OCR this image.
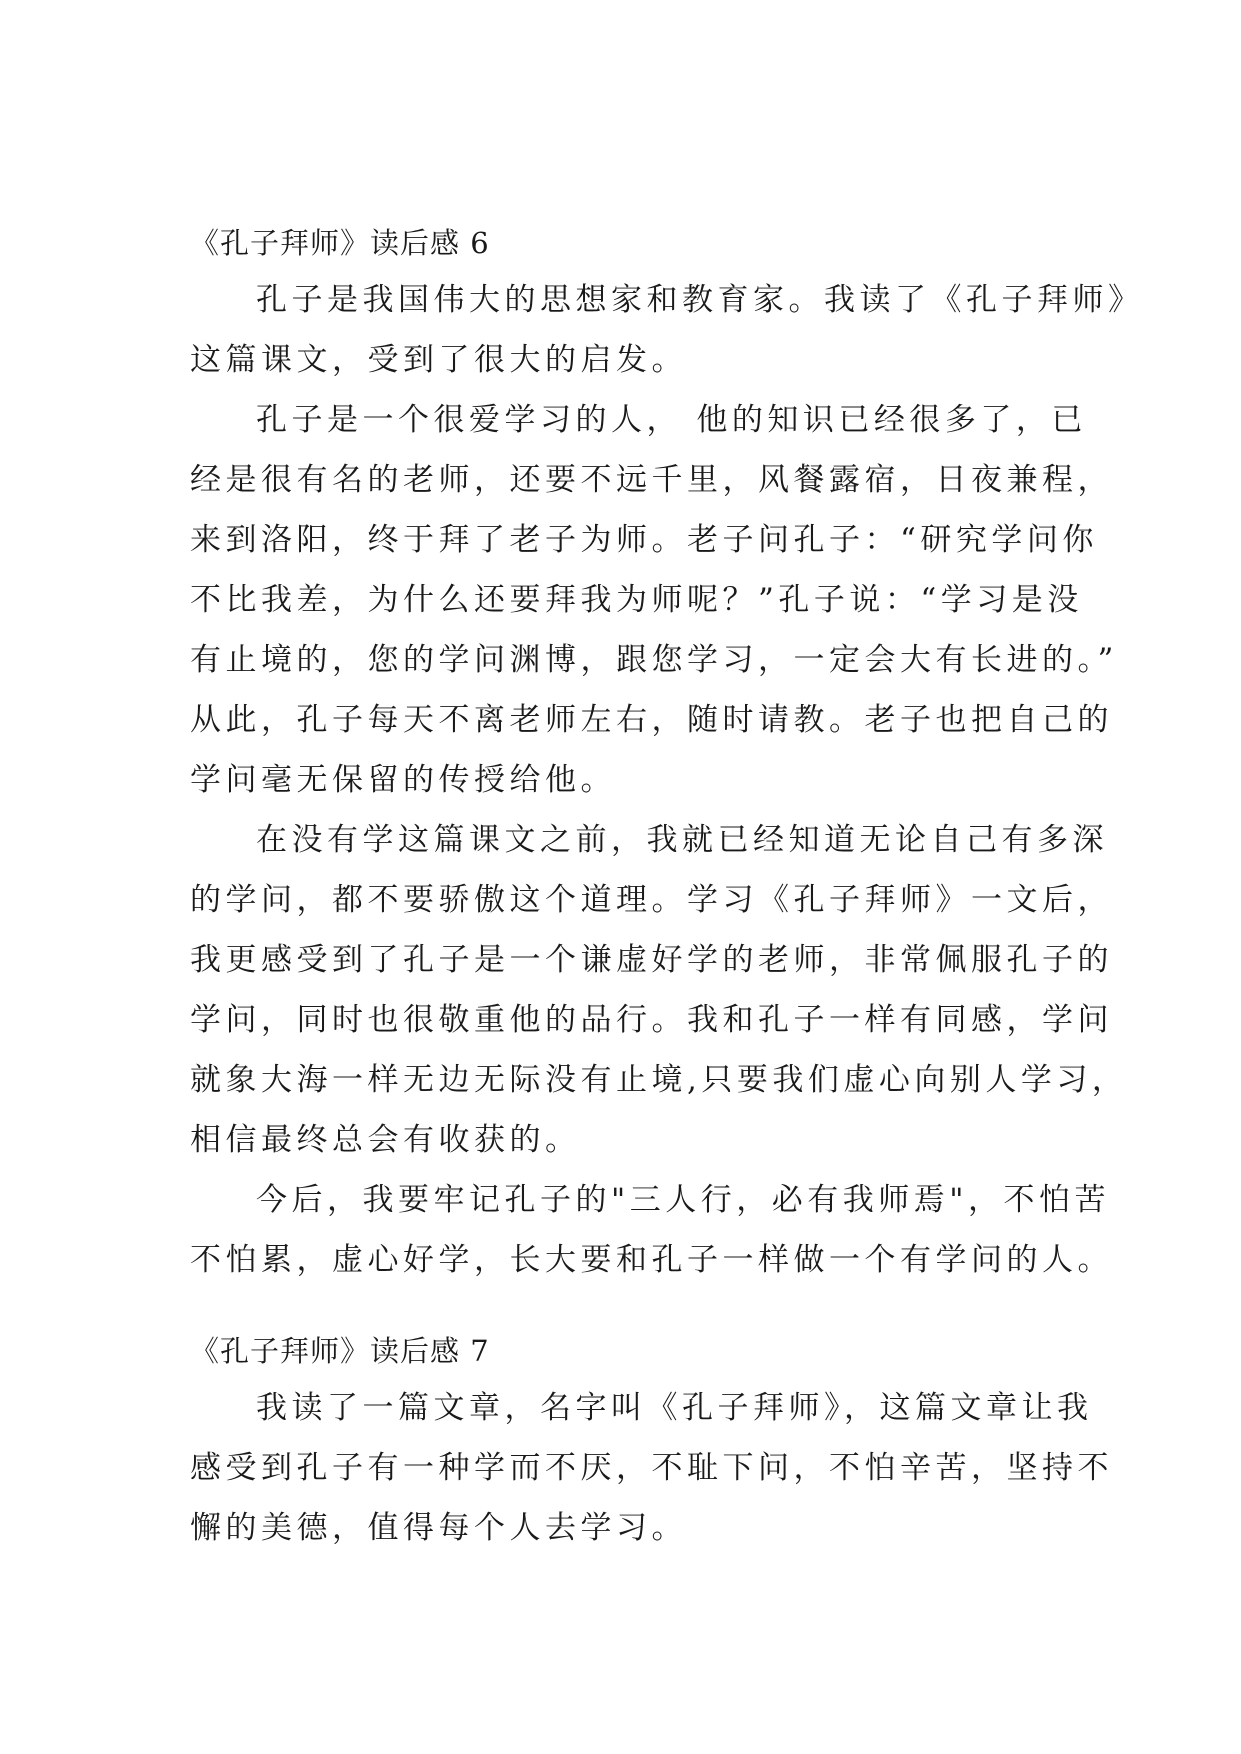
《孔子拜师》读后感 6
孔子是我国伟大的思想家和教育家。我读了《孔子拜师》
这篇课文，受到了很大的启发。
孔子是一个很爱学习的人， 他的知识已经很多了，已
经是很有名的老师，还要不远千里，风餐露宿，日夜兼程，
来到洛阳，终于拜了老子为师。老子问孔子：“研究学问你
不比我差，为什么还要拜我为师呢？”孔子说：“学习是没
有止境的，您的学问渊博，跟您学习，一定会大有长进的。”
从此，孔子每天不离老师左右，随时请教。老子也把自己的
学问毫无保留的传授给他。
在没有学这篇课文之前，我就已经知道无论自己有多深
的学问，都不要骄傲这个道理。学习《孔子拜师》一文后，
我更感受到了孔子是一个谦虚好学的老师，非常佩服孔子的
学问，同时也很敬重他的品行。我和孔子一样有同感，学问
就象大海一样无边无际没有止境,只要我们虚心向别人学习，
相信最终总会有收获的。
今后，我要牢记孔子的"三人行，必有我师焉"，不怕苦
不怕累，虚心好学，长大要和孔子一样做一个有学问的人。
《孔子拜师》读后感 7
我读了一篇文章，名字叫《孔子拜师》，这篇文章让我
感受到孔子有一种学而不厌，不耻下问，不怕辛苦，坚持不
懈的美德，值得每个人去学习。
